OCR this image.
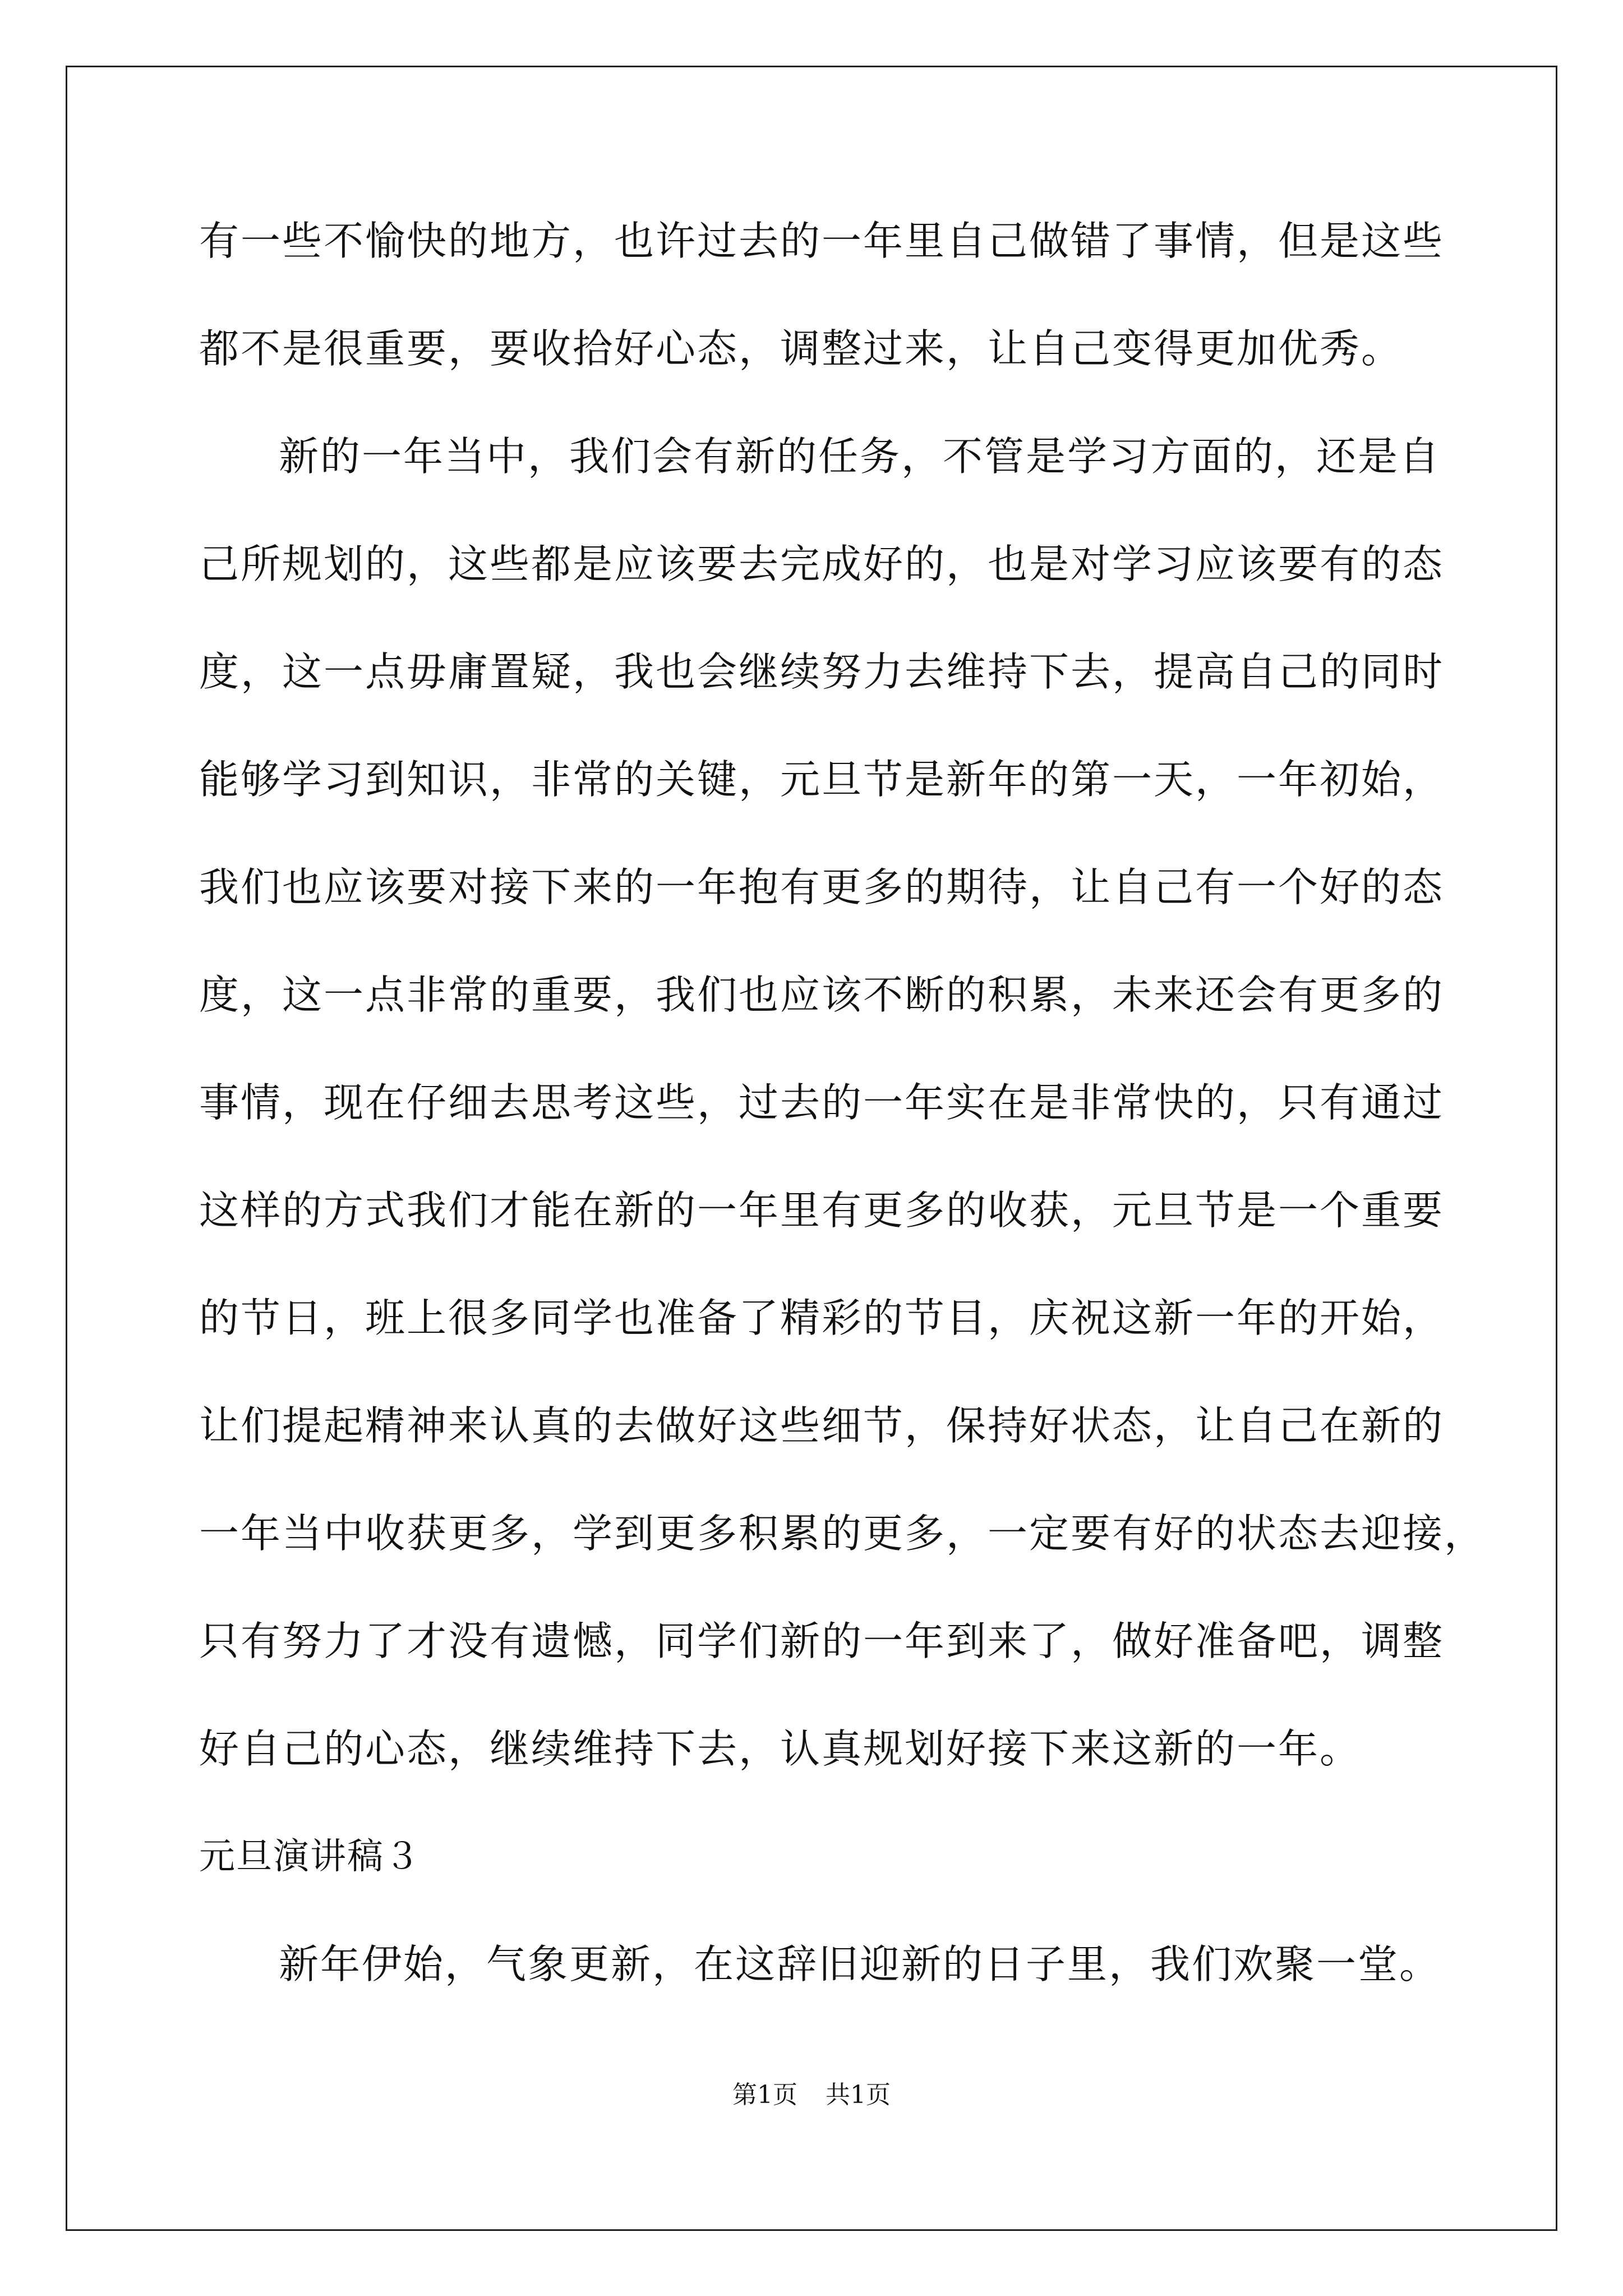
有一些不愉快的地方，也许过去的一年里自己做错了事情，但是这些
都不是很重要，要收拾好心态，调整过来，让自己变得更加优秀。
新的一年当中，我们会有新的任务，不管是学习方面的，还是自
己所规划的，这些都是应该要去完成好的，也是对学习应该要有的态
度，这一点毋庸置疑，我也会继续努力去维持下去，提高自己的同时
能够学习到知识，非常的关键，元旦节是新年的第一天，一年初始，
我们也应该要对接下来的一年抱有更多的期待，让自己有一个好的态
度，这一点非常的重要，我们也应该不断的积累，未来还会有更多的
事情，现在仔细去思考这些，过去的一年实在是非常快的，只有通过
这样的方式我们才能在新的一年里有更多的收获，元旦节是一个重要
的节日，班上很多同学也准备了精彩的节目，庆祝这新一年的开始，
让们提起精神来认真的去做好这些细节，保持好状态，让自己在新的
一年当中收获更多，学到更多积累的更多，一定要有好的状态去迎接，
只有努力了才没有遗憾，同学们新的一年到来了，做好准备吧，调整
好自己的心态，继续维持下去，认真规划好接下来这新的一年。
元旦演讲稿３
新年伊始，气象更新，在这辞旧迎新的日子里，我们欢聚一堂。
第1页 共1页
